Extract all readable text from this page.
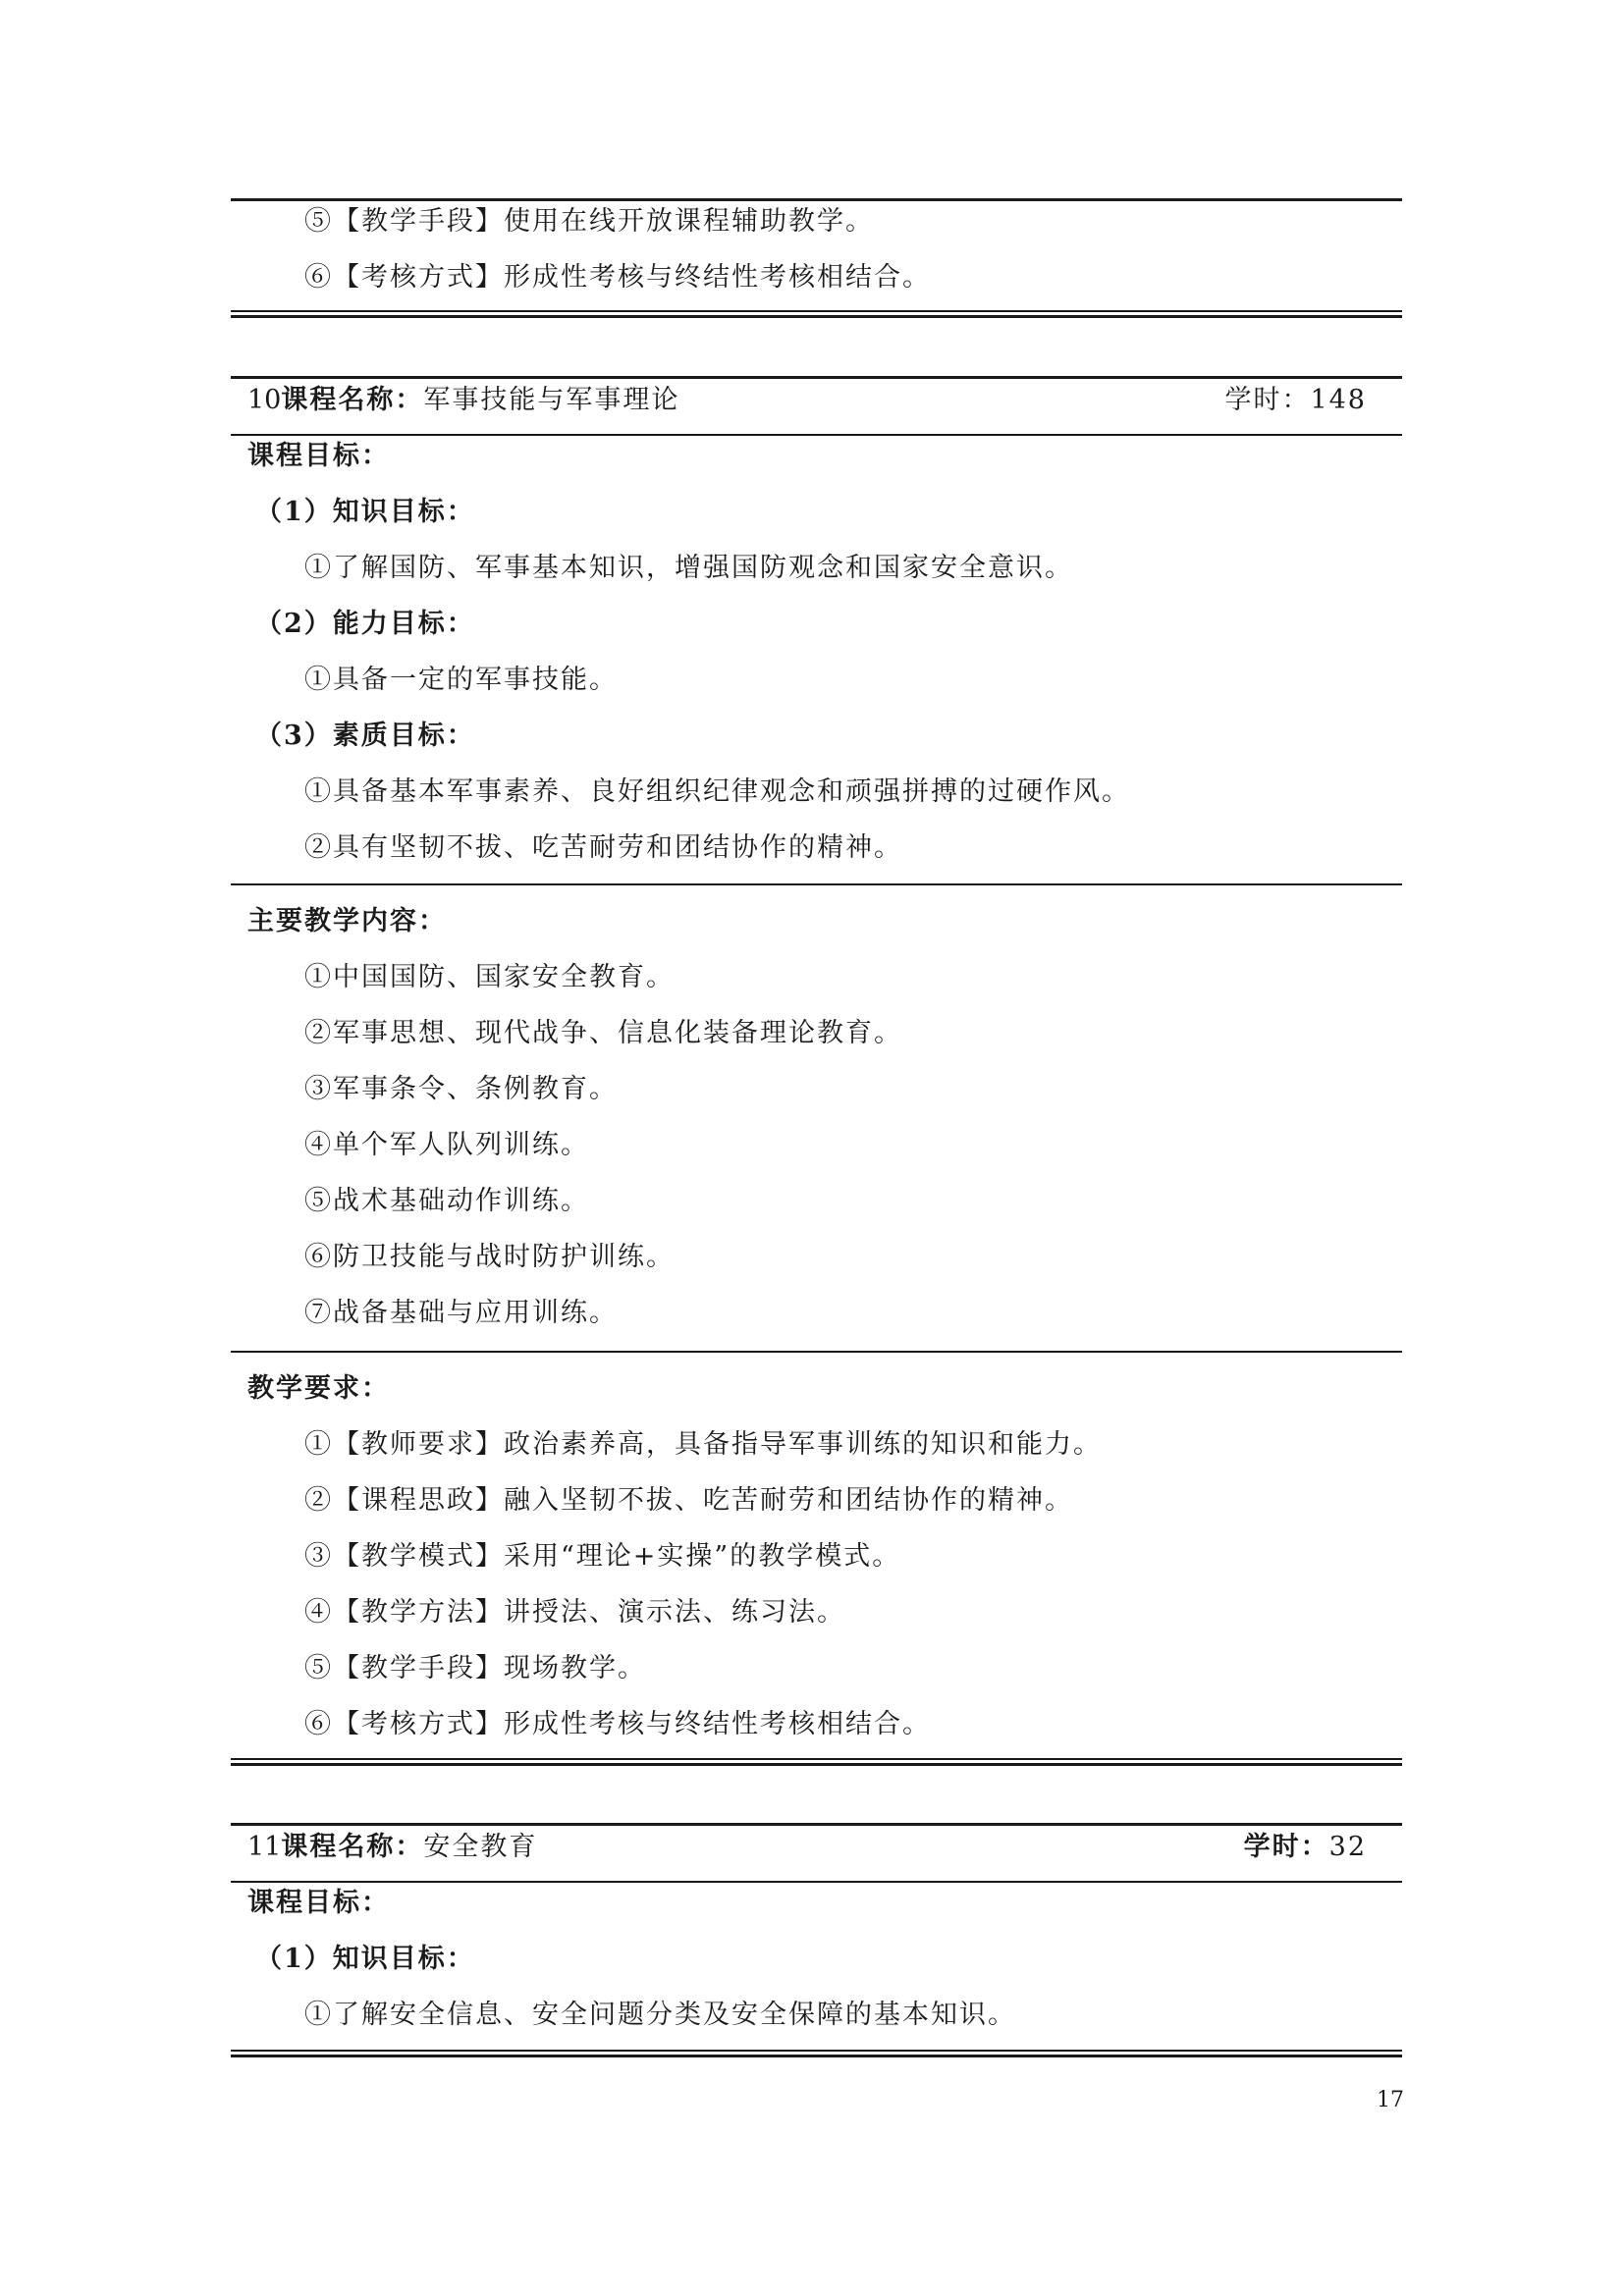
⑤【教学手段】使用在线开放课程辅助教学。
⑥【考核方式】形成性考核与终结性考核相结合。
10课程名称：军事技能与军事理论	学时：148
课程目标：
（1）知识目标：
①了解国防、军事基本知识，增强国防观念和国家安全意识。
（2）能力目标：
①具备一定的军事技能。
（3）素质目标：
①具备基本军事素养、良好组织纪律观念和顽强拼搏的过硬作风。
②具有坚韧不拔、吃苦耐劳和团结协作的精神。
主要教学内容：
①中国国防、国家安全教育。
②军事思想、现代战争、信息化装备理论教育。
③军事条令、条例教育。
④单个军人队列训练。
⑤战术基础动作训练。
⑥防卫技能与战时防护训练。
⑦战备基础与应用训练。
教学要求：
①【教师要求】政治素养高，具备指导军事训练的知识和能力。
②【课程思政】融入坚韧不拔、吃苦耐劳和团结协作的精神。
③【教学模式】采用“理论+实操”的教学模式。
④【教学方法】讲授法、演示法、练习法。
⑤【教学手段】现场教学。
⑥【考核方式】形成性考核与终结性考核相结合。
11课程名称：安全教育	学时：32
课程目标：
（1）知识目标：
①了解安全信息、安全问题分类及安全保障的基本知识。
17
